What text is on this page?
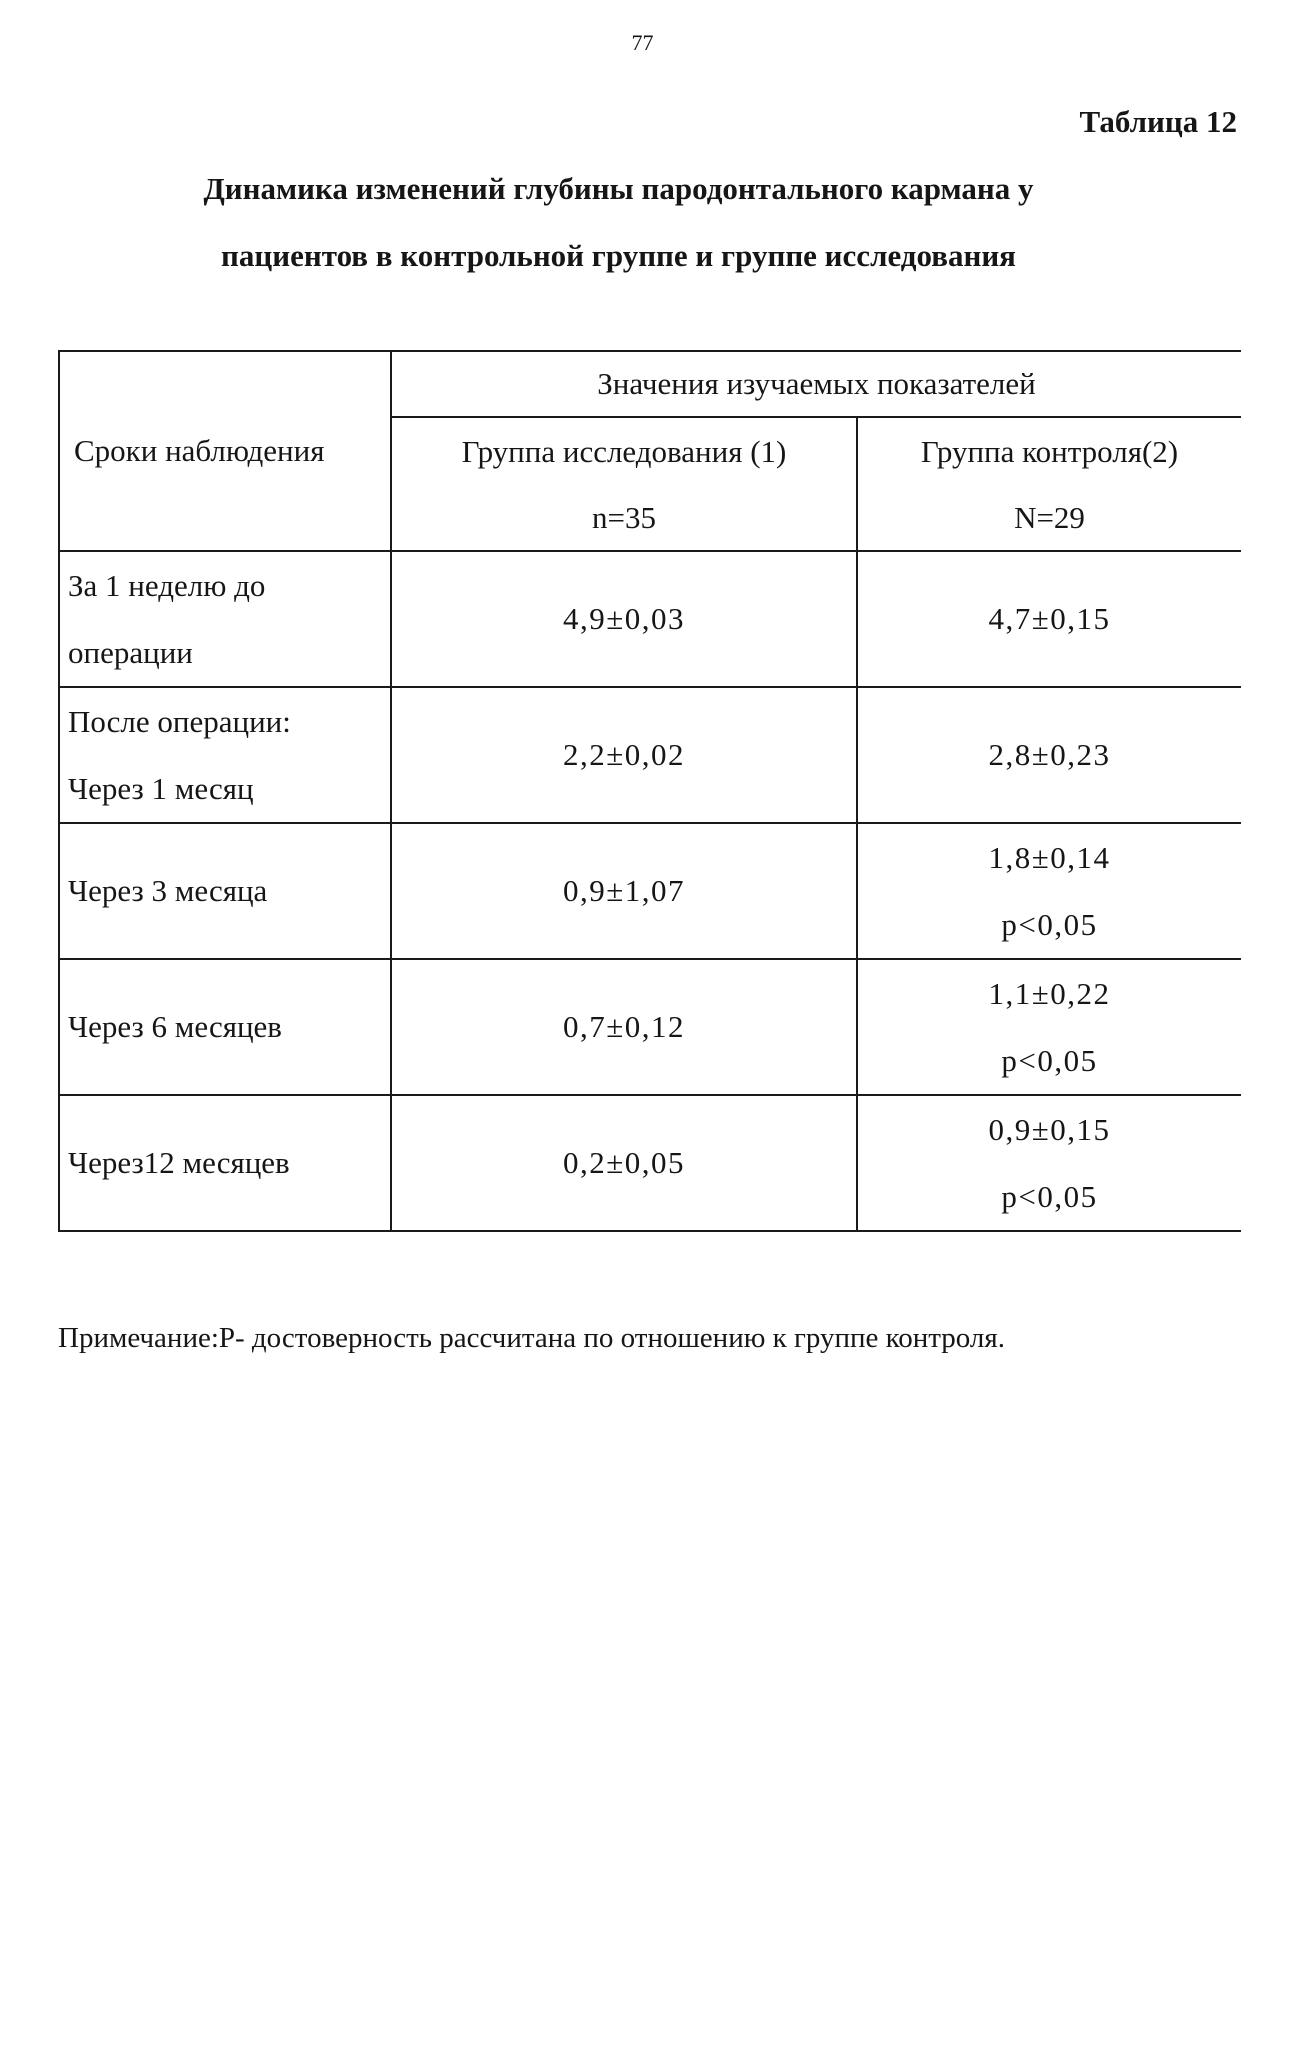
77
Таблица 12
Динамика изменений глубины пародонтального кармана у
пациентов в контрольной группе и группе исследования
Сроки наблюдения	Значения изучаемых показателей	
	Группа исследования (1)	Группа контроля(2)
	n=35	N=29

За 1 неделю до
операции	4,9±0,03	4,7±0,15

После операции:
Через 1 месяц	2,2±0,02	2,8±0,23
Через 3 месяца	0,9±1,07	1,8±0,14
p<0,05

Через 6 месяцев	0,7±0,12	1,1±0,22
p<0,05

Через12 месяцев	0,2±0,05	0,9±0,15
p<0,05
Примечание:Р- достоверность рассчитана по отношению к группе контроля.
